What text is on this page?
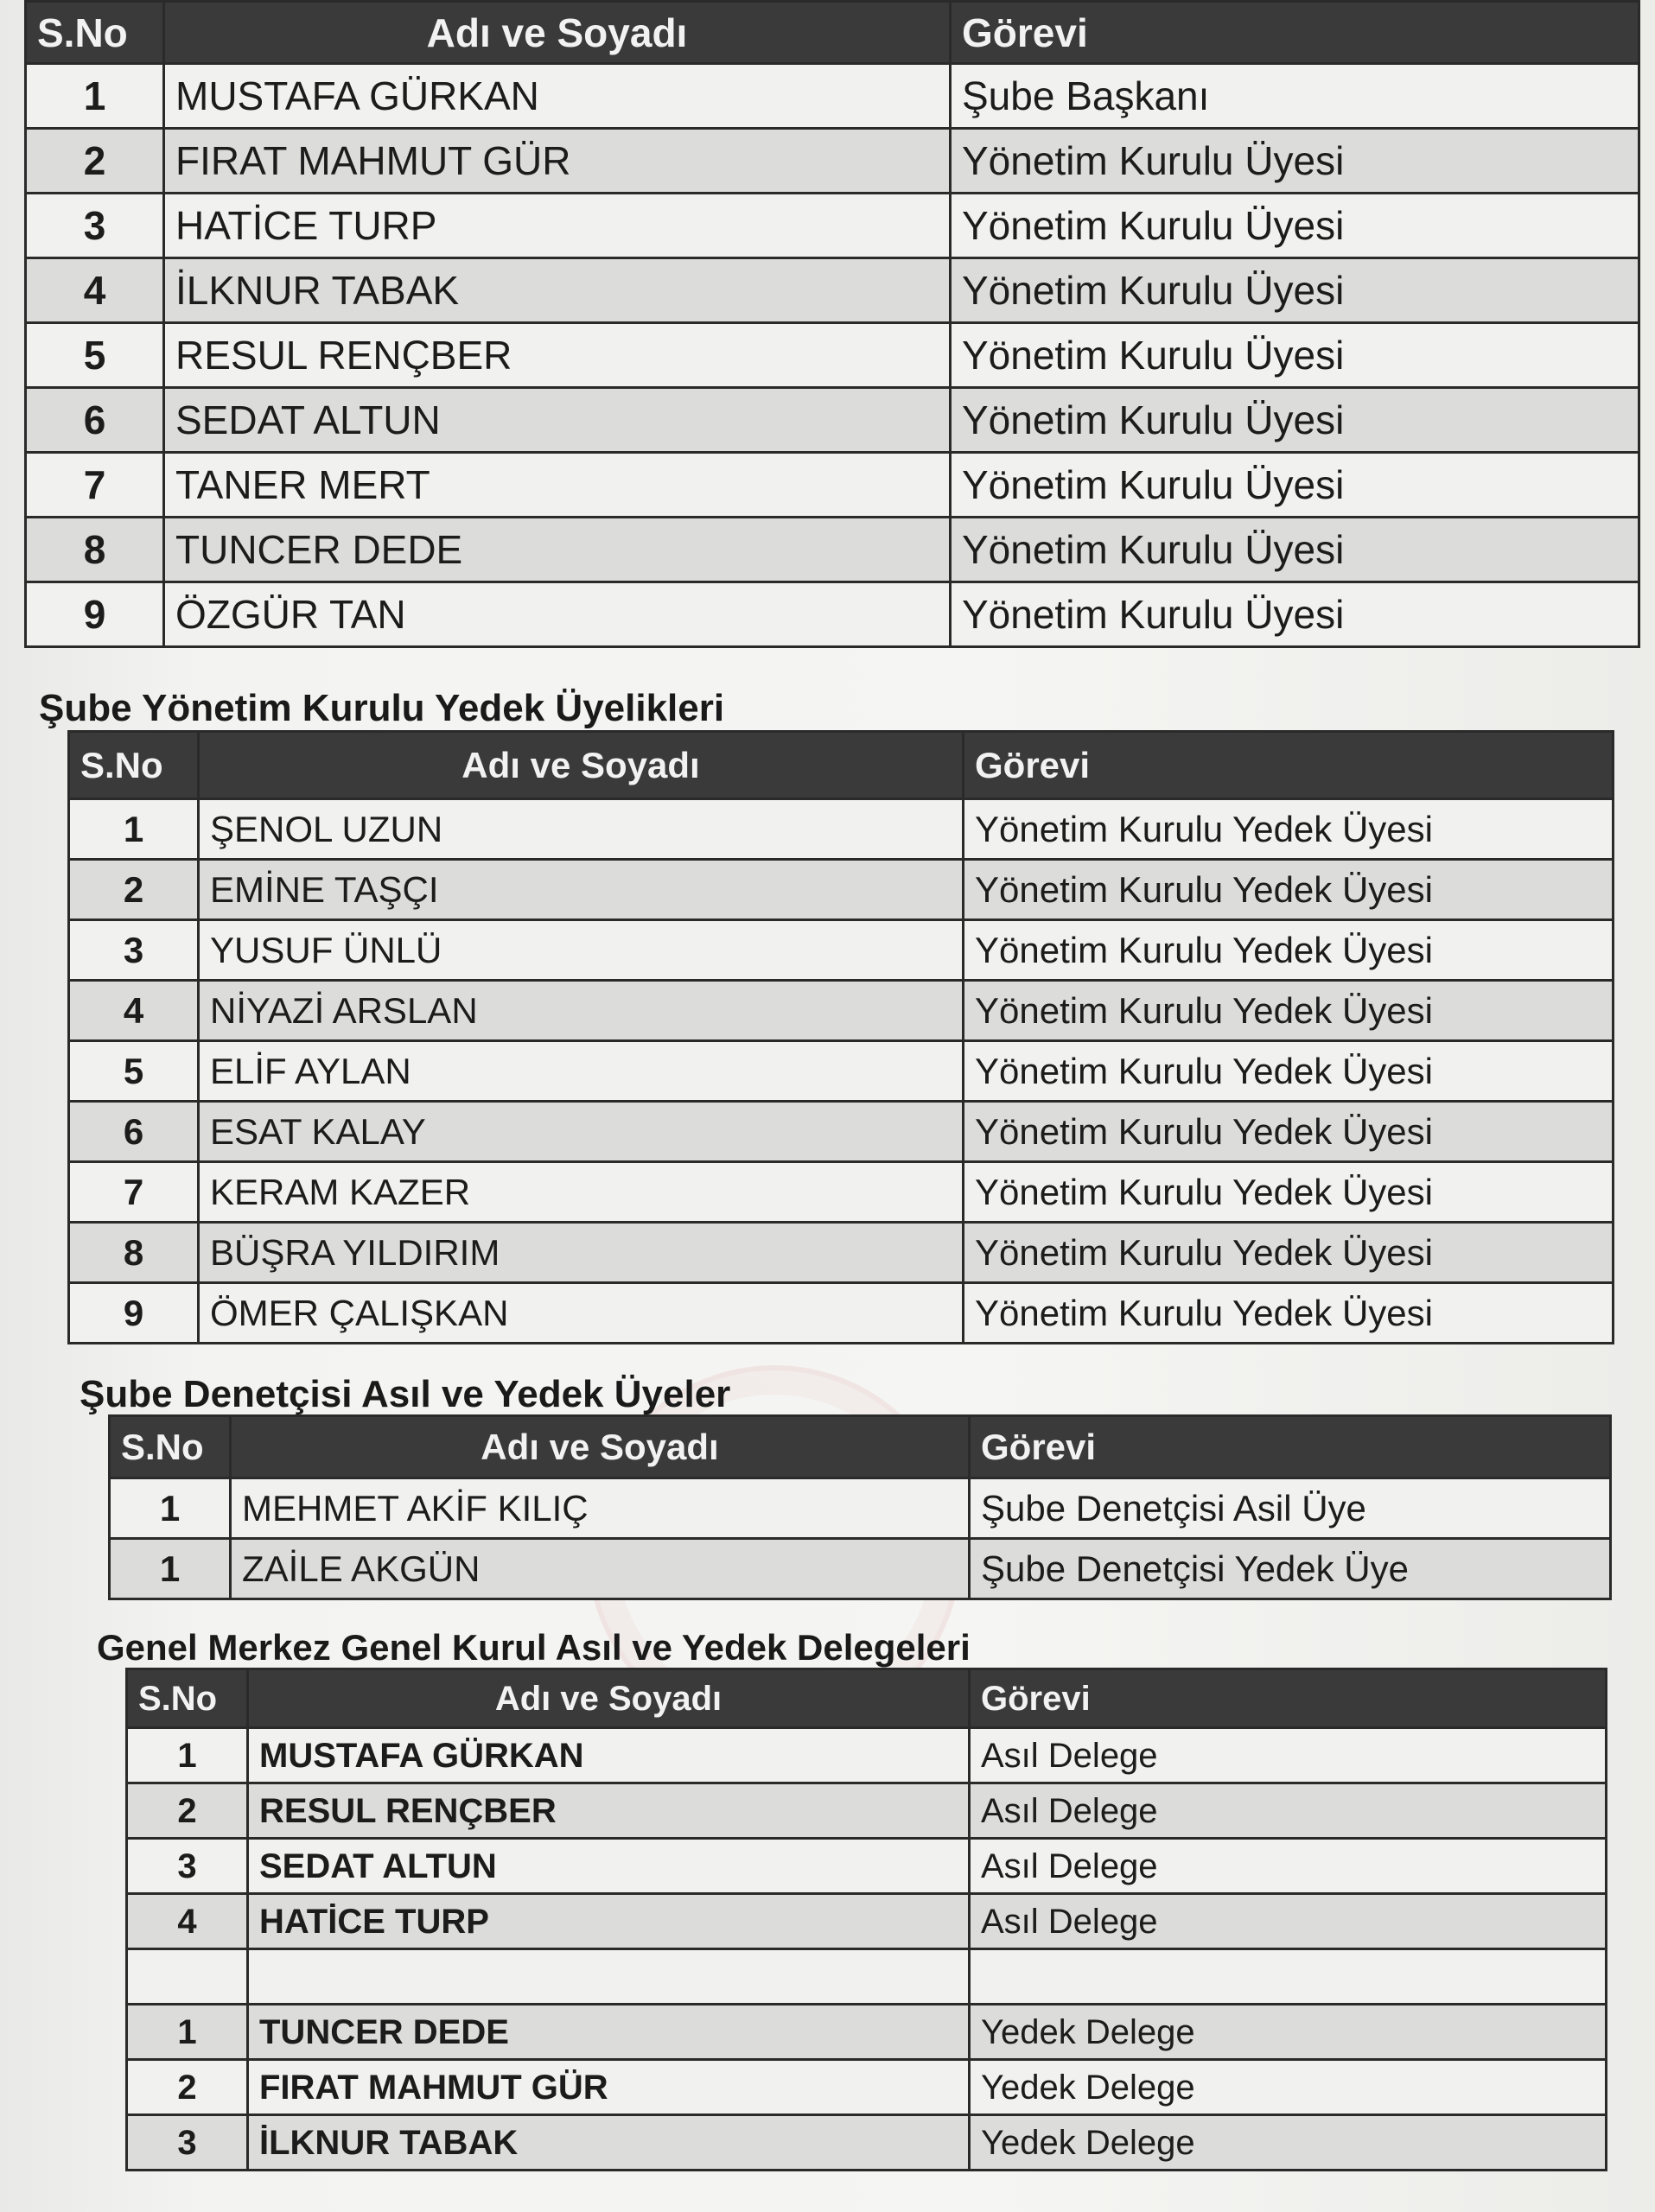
S.No	Adı ve Soyadı	Görevi
1	MUSTAFA GÜRKAN	Şube Başkanı
2	FIRAT MAHMUT GÜR	Yönetim Kurulu Üyesi
3	HATİCE TURP	Yönetim Kurulu Üyesi
4	İLKNUR TABAK	Yönetim Kurulu Üyesi
5	RESUL RENÇBER	Yönetim Kurulu Üyesi
6	SEDAT ALTUN	Yönetim Kurulu Üyesi
7	TANER MERT	Yönetim Kurulu Üyesi
8	TUNCER DEDE	Yönetim Kurulu Üyesi
9	ÖZGÜR TAN	Yönetim Kurulu Üyesi
Şube Yönetim Kurulu Yedek Üyelikleri
S.No	Adı ve Soyadı	Görevi
1	ŞENOL UZUN	Yönetim Kurulu Yedek Üyesi
2	EMİNE TAŞÇI	Yönetim Kurulu Yedek Üyesi
3	YUSUF ÜNLÜ	Yönetim Kurulu Yedek Üyesi
4	NİYAZİ ARSLAN	Yönetim Kurulu Yedek Üyesi
5	ELİF AYLAN	Yönetim Kurulu Yedek Üyesi
6	ESAT KALAY	Yönetim Kurulu Yedek Üyesi
7	KERAM KAZER	Yönetim Kurulu Yedek Üyesi
8	BÜŞRA YILDIRIM	Yönetim Kurulu Yedek Üyesi
9	ÖMER ÇALIŞKAN	Yönetim Kurulu Yedek Üyesi
Şube Denetçisi Asıl ve Yedek Üyeler
S.No	Adı ve Soyadı	Görevi
1	MEHMET AKİF KILIÇ	Şube Denetçisi Asil Üye
1	ZAİLE AKGÜN	Şube Denetçisi Yedek Üye
Genel Merkez Genel Kurul Asıl ve Yedek Delegeleri
S.No	Adı ve Soyadı	Görevi
1	MUSTAFA GÜRKAN	Asıl Delege
2	RESUL RENÇBER	Asıl Delege
3	SEDAT ALTUN	Asıl Delege
4	HATİCE TURP	Asıl Delege

1	TUNCER DEDE	Yedek Delege
2	FIRAT MAHMUT GÜR	Yedek Delege
3	İLKNUR TABAK	Yedek Delege
